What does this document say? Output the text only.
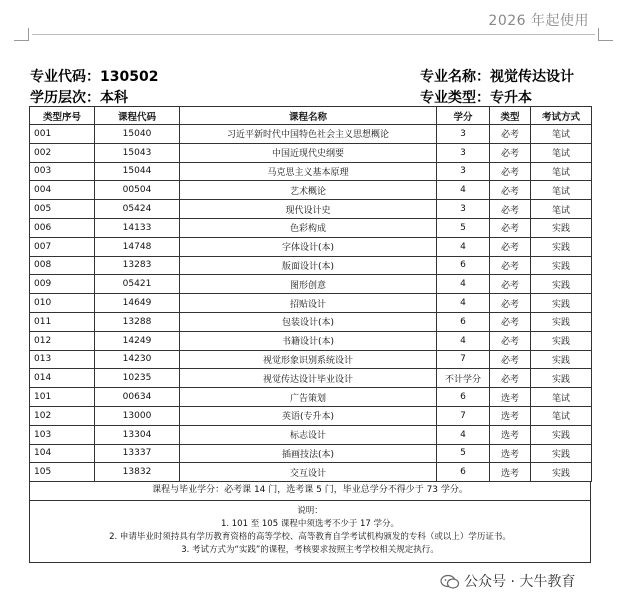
2026 年起使用
专业代码：130502
学历层次：本科
专业名称：视觉传达设计
专业类型：专升本
类型序号	课程代码	课程名称	学分	类型	考试方式
001	15040	习近平新时代中国特色社会主义思想概论	3	必考	笔试
002	15043	中国近现代史纲要	3	必考	笔试
003	15044	马克思主义基本原理	3	必考	笔试
004	00504	艺术概论	4	必考	笔试
005	05424	现代设计史	3	必考	笔试
006	14133	色彩构成	5	必考	实践
007	14748	字体设计(本)	4	必考	实践
008	13283	版面设计(本)	6	必考	实践
009	05421	图形创意	4	必考	实践
010	14649	招贴设计	4	必考	实践
011	13288	包装设计(本)	6	必考	实践
012	14249	书籍设计(本)	4	必考	实践
013	14230	视觉形象识别系统设计	7	必考	实践
014	10235	视觉传达设计毕业设计	不计学分	必考	实践
101	00634	广告策划	6	选考	笔试
102	13000	英语(专升本)	7	选考	笔试
103	13304	标志设计	4	选考	实践
104	13337	插画技法(本)	5	选考	实践
105	13832	交互设计	6	选考	实践
课程与毕业学分：必考课 14 门，选考课 5 门，毕业总学分不得少于 73 学分。
说明：
1. 101 至 105 课程中须选考不少于 17 学分。
2. 申请毕业时须持具有学历教育资格的高等学校、高等教育自学考试机构颁发的专科（或以上）学历证书。
3. 考试方式为“实践”的课程，考核要求按照主考学校相关规定执行。
公众号 · 大牛教育
